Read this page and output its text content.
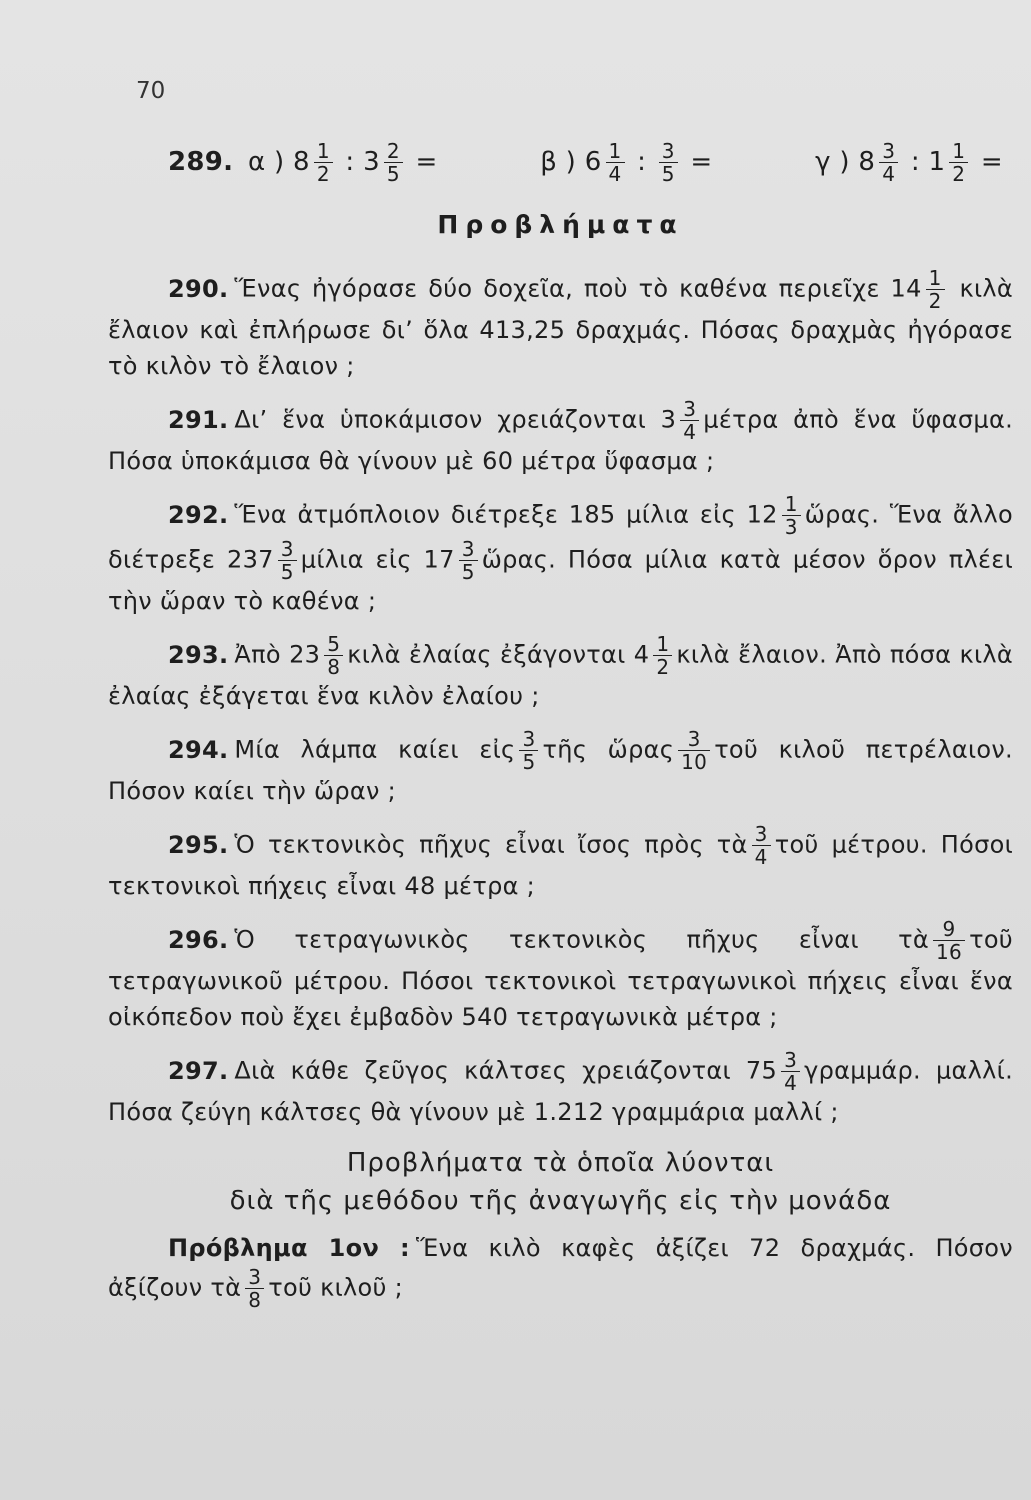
70
289. α ) $8 \frac{1}{2}$ : $3 \frac{2}{5}$ =	β ) $6 \frac{1}{4}$ : $\frac{3}{5}$ =	γ ) $8 \frac{3}{4}$ : $1 \frac{1}{2}$ =
Προβλήματα

290. Ἕνας ἠγόρασε δύο δοχεῖα, ποὺ τὸ καθένα περιεῖχε $14 \frac{1}{2}$ κιλὰ ἔλαιον καὶ ἐπλήρωσε δι’ ὅλα 413,25 δραχμάς. Πόσας δραχμὰς ἠγόρασε τὸ κιλὸν τὸ ἔλαιον ;

291. Δι’ ἕνα ὑποκάμισον χρειάζονται $3 \frac{3}{4}$ μέτρα ἀπὸ ἕνα ὕφασμα. Πόσα ὑποκάμισα θὰ γίνουν μὲ 60 μέτρα ὕφασμα ;

292. Ἕνα ἀτμόπλοιον διέτρεξε 185 μίλια εἰς $12 \frac{1}{3}$ ὥρας. Ἕνα ἄλλο διέτρεξε $237 \frac{3}{5}$ μίλια εἰς $17 \frac{3}{5}$ ὥρας. Πόσα μίλια κατὰ μέσον ὅρον πλέει τὴν ὥραν τὸ καθένα ;

293. Ἀπὸ $23 \frac{5}{8}$ κιλὰ ἐλαίας ἐξάγονται $4 \frac{1}{2}$ κιλὰ ἔλαιον. Ἀπὸ πόσα κιλὰ ἐλαίας ἐξάγεται ἕνα κιλὸν ἐλαίου ;

294. Μία λάμπα καίει εἰς $\frac{3}{5}$ τῆς ὥρας $\frac{3}{10}$ τοῦ κιλοῦ πετρέλαιον. Πόσον καίει τὴν ὥραν ;

295. Ὁ τεκτονικὸς πῆχυς εἶναι ἴσος πρὸς τὰ $\frac{3}{4}$ τοῦ μέτρου. Πόσοι τεκτονικοὶ πήχεις εἶναι 48 μέτρα ;

296. Ὁ τετραγωνικὸς τεκτονικὸς πῆχυς εἶναι τὰ $\frac{9}{16}$ τοῦ τετραγωνικοῦ μέτρου. Πόσοι τεκτονικοὶ τετραγωνικοὶ πήχεις εἶναι ἕνα οἰκόπεδον ποὺ ἔχει ἐμβαδὸν 540 τετραγωνικὰ μέτρα ;

297. Διὰ κάθε ζεῦγος κάλτσες χρειάζονται $75 \frac{3}{4} \gamma\rho\alpha\mu\mu ά\rho$. μαλλί. Πόσα ζεύγη κάλτσες θὰ γίνουν μὲ 1.212 γραμμάρια μαλλί ;

Προβλήματα τὰ ὁποῖα λύονται
διὰ τῆς μεθόδου τῆς ἀναγωγῆς εἰς τὴν μονάδα

Πρόβλημα 1ον : Ἕνα κιλὸ καφὲς ἀξίζει 72 δραχμάς. Πόσον ἀξίζουν τὰ $\frac{3}{8}$ τοῦ κιλοῦ ;
